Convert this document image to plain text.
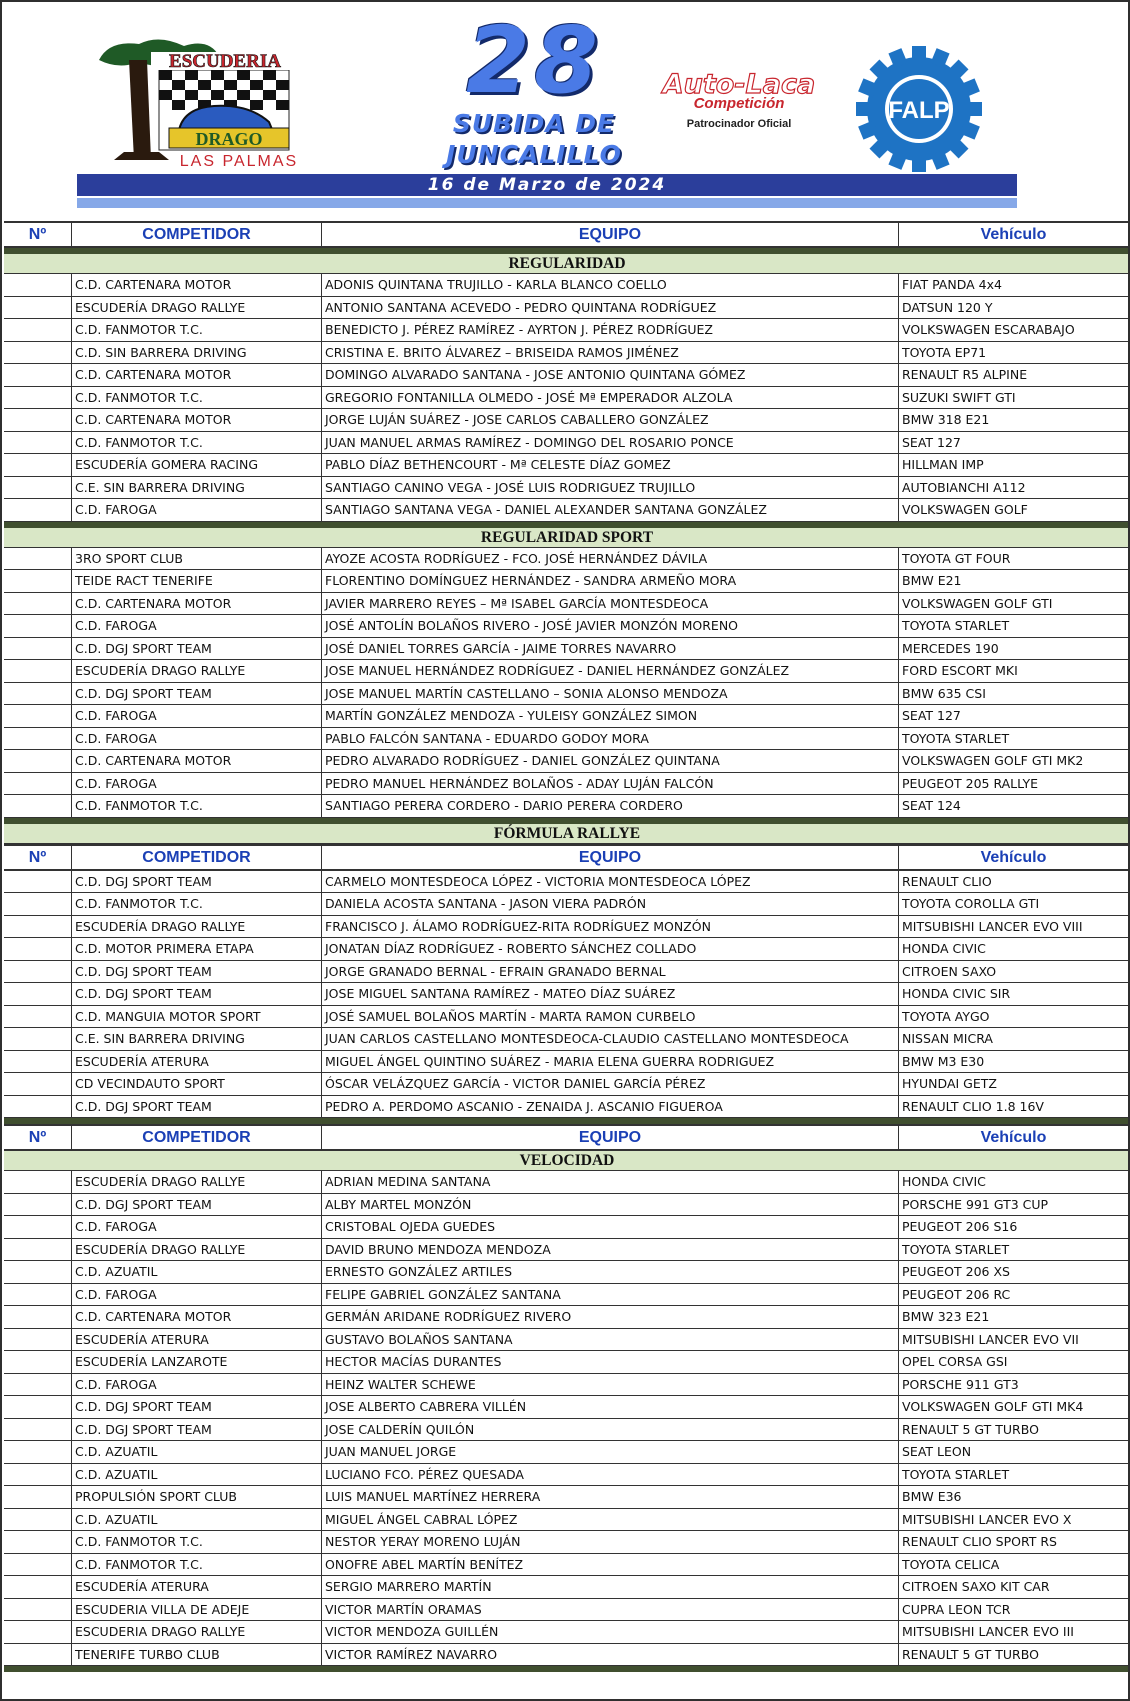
ESCUDERIA
DRAGO
LAS PALMAS
28
SUBIDA DE
JUNCALILLO
Auto-Laca
Competición
Patrocinador Oficial	FALP
16 de Marzo de 2024
Nº	COMPETIDOR	EQUIPO	Vehículo
REGULARIDAD
C.D. CARTENARA MOTOR	ADONIS QUINTANA TRUJILLO - KARLA BLANCO COELLO	FIAT PANDA 4x4
ESCUDERÍA DRAGO RALLYE	ANTONIO SANTANA ACEVEDO - PEDRO QUINTANA RODRÍGUEZ	DATSUN 120 Y
C.D. FANMOTOR T.C.	BENEDICTO J. PÉREZ RAMÍREZ - AYRTON J. PÉREZ RODRÍGUEZ	VOLKSWAGEN ESCARABAJO
C.D. SIN BARRERA DRIVING	CRISTINA E. BRITO ÁLVAREZ – BRISEIDA RAMOS JIMÉNEZ	TOYOTA EP71
C.D. CARTENARA MOTOR	DOMINGO ALVARADO SANTANA - JOSE ANTONIO QUINTANA GÓMEZ	RENAULT R5 ALPINE
C.D. FANMOTOR T.C.	GREGORIO FONTANILLA OLMEDO - JOSÉ Mª EMPERADOR ALZOLA	SUZUKI SWIFT GTI
C.D. CARTENARA MOTOR	JORGE LUJÁN SUÁREZ - JOSE CARLOS CABALLERO GONZÁLEZ	BMW 318 E21
C.D. FANMOTOR T.C.	JUAN MANUEL ARMAS RAMÍREZ - DOMINGO DEL ROSARIO PONCE	SEAT 127
ESCUDERÍA GOMERA RACING	PABLO DÍAZ BETHENCOURT - Mª CELESTE DÍAZ GOMEZ	HILLMAN IMP
C.E. SIN BARRERA DRIVING	SANTIAGO CANINO VEGA - JOSÉ LUIS RODRIGUEZ TRUJILLO	AUTOBIANCHI A112
C.D. FAROGA	SANTIAGO SANTANA VEGA - DANIEL ALEXANDER SANTANA GONZÁLEZ	VOLKSWAGEN GOLF
REGULARIDAD SPORT
3RO SPORT CLUB	AYOZE ACOSTA RODRÍGUEZ - FCO. JOSÉ HERNÁNDEZ DÁVILA	TOYOTA GT FOUR
TEIDE RACT TENERIFE	FLORENTINO DOMÍNGUEZ HERNÁNDEZ - SANDRA ARMEÑO MORA	BMW E21
C.D. CARTENARA MOTOR	JAVIER MARRERO REYES – Mª ISABEL GARCÍA MONTESDEOCA	VOLKSWAGEN GOLF GTI
C.D. FAROGA	JOSÉ ANTOLÍN BOLAÑOS RIVERO - JOSÉ JAVIER MONZÓN MORENO	TOYOTA STARLET
C.D. DGJ SPORT TEAM	JOSÉ DANIEL TORRES GARCÍA - JAIME TORRES NAVARRO	MERCEDES 190
ESCUDERÍA DRAGO RALLYE	JOSE MANUEL HERNÁNDEZ RODRÍGUEZ - DANIEL HERNÁNDEZ GONZÁLEZ	FORD ESCORT MKI
C.D. DGJ SPORT TEAM	JOSE MANUEL MARTÍN CASTELLANO – SONIA ALONSO MENDOZA	BMW 635 CSI
C.D. FAROGA	MARTÍN GONZÁLEZ MENDOZA - YULEISY GONZÁLEZ SIMON	SEAT 127
C.D. FAROGA	PABLO FALCÓN SANTANA - EDUARDO GODOY MORA	TOYOTA STARLET
C.D. CARTENARA MOTOR	PEDRO ALVARADO RODRÍGUEZ - DANIEL GONZÁLEZ QUINTANA	VOLKSWAGEN GOLF GTI MK2
C.D. FAROGA	PEDRO MANUEL HERNÁNDEZ BOLAÑOS - ADAY LUJÁN FALCÓN	PEUGEOT 205 RALLYE
C.D. FANMOTOR T.C.	SANTIAGO PERERA CORDERO - DARIO PERERA CORDERO	SEAT 124
FÓRMULA RALLYE
Nº	COMPETIDOR	EQUIPO	Vehículo
C.D. DGJ SPORT TEAM	CARMELO MONTESDEOCA LÓPEZ - VICTORIA MONTESDEOCA LÓPEZ	RENAULT CLIO
C.D. FANMOTOR T.C.	DANIELA ACOSTA SANTANA - JASON VIERA PADRÓN	TOYOTA COROLLA GTI
ESCUDERÍA DRAGO RALLYE	FRANCISCO J. ÁLAMO RODRÍGUEZ-RITA RODRÍGUEZ MONZÓN	MITSUBISHI LANCER EVO VIII
C.D. MOTOR PRIMERA ETAPA	JONATAN DÍAZ RODRÍGUEZ - ROBERTO SÁNCHEZ COLLADO	HONDA CIVIC
C.D. DGJ SPORT TEAM	JORGE GRANADO BERNAL - EFRAIN GRANADO BERNAL	CITROEN SAXO
C.D. DGJ SPORT TEAM	JOSE MIGUEL SANTANA RAMÍREZ - MATEO DÍAZ SUÁREZ	HONDA CIVIC SIR
C.D. MANGUIA MOTOR SPORT	JOSÉ SAMUEL BOLAÑOS MARTÍN - MARTA RAMON CURBELO	TOYOTA AYGO
C.E. SIN BARRERA DRIVING	JUAN CARLOS CASTELLANO MONTESDEOCA-CLAUDIO CASTELLANO MONTESDEOCA	NISSAN MICRA
ESCUDERÍA ATERURA	MIGUEL ÁNGEL QUINTINO SUÁREZ - MARIA ELENA GUERRA RODRIGUEZ	BMW M3 E30
CD VECINDAUTO SPORT	ÓSCAR VELÁZQUEZ GARCÍA - VICTOR DANIEL GARCÍA PÉREZ	HYUNDAI GETZ
C.D. DGJ SPORT TEAM	PEDRO A. PERDOMO ASCANIO - ZENAIDA J. ASCANIO FIGUEROA	RENAULT CLIO 1.8 16V
Nº	COMPETIDOR	EQUIPO	Vehículo
VELOCIDAD
ESCUDERÍA DRAGO RALLYE	ADRIAN MEDINA SANTANA	HONDA CIVIC
C.D. DGJ SPORT TEAM	ALBY MARTEL MONZÓN	PORSCHE 991 GT3 CUP
C.D. FAROGA	CRISTOBAL OJEDA GUEDES	PEUGEOT 206 S16
ESCUDERÍA DRAGO RALLYE	DAVID BRUNO MENDOZA MENDOZA	TOYOTA STARLET
C.D. AZUATIL	ERNESTO GONZÁLEZ ARTILES	PEUGEOT 206 XS
C.D. FAROGA	FELIPE GABRIEL GONZÁLEZ SANTANA	PEUGEOT 206 RC
C.D. CARTENARA MOTOR	GERMÁN ARIDANE RODRÍGUEZ RIVERO	BMW 323 E21
ESCUDERÍA ATERURA	GUSTAVO BOLAÑOS SANTANA	MITSUBISHI LANCER EVO VII
ESCUDERÍA LANZAROTE	HECTOR MACÍAS DURANTES	OPEL CORSA GSI
C.D. FAROGA	HEINZ WALTER SCHEWE	PORSCHE 911 GT3
C.D. DGJ SPORT TEAM	JOSE ALBERTO CABRERA VILLÉN	VOLKSWAGEN GOLF GTI MK4
C.D. DGJ SPORT TEAM	JOSE CALDERÍN QUILÓN	RENAULT 5 GT TURBO
C.D. AZUATIL	JUAN MANUEL JORGE	SEAT LEON
C.D. AZUATIL	LUCIANO FCO. PÉREZ QUESADA	TOYOTA STARLET
PROPULSIÓN SPORT CLUB	LUIS MANUEL MARTÍNEZ HERRERA	BMW E36
C.D. AZUATIL	MIGUEL ÁNGEL CABRAL LÓPEZ	MITSUBISHI LANCER EVO X
C.D. FANMOTOR T.C.	NESTOR YERAY MORENO LUJÁN	RENAULT CLIO SPORT RS
C.D. FANMOTOR T.C.	ONOFRE ABEL MARTÍN BENÍTEZ	TOYOTA CELICA
ESCUDERÍA ATERURA	SERGIO MARRERO MARTÍN	CITROEN SAXO KIT CAR
ESCUDERIA VILLA DE ADEJE	VICTOR MARTÍN ORAMAS	CUPRA LEON TCR
ESCUDERIA DRAGO RALLYE	VICTOR MENDOZA GUILLÉN	MITSUBISHI LANCER EVO III
TENERIFE TURBO CLUB	VICTOR RAMÍREZ NAVARRO	RENAULT 5 GT TURBO
